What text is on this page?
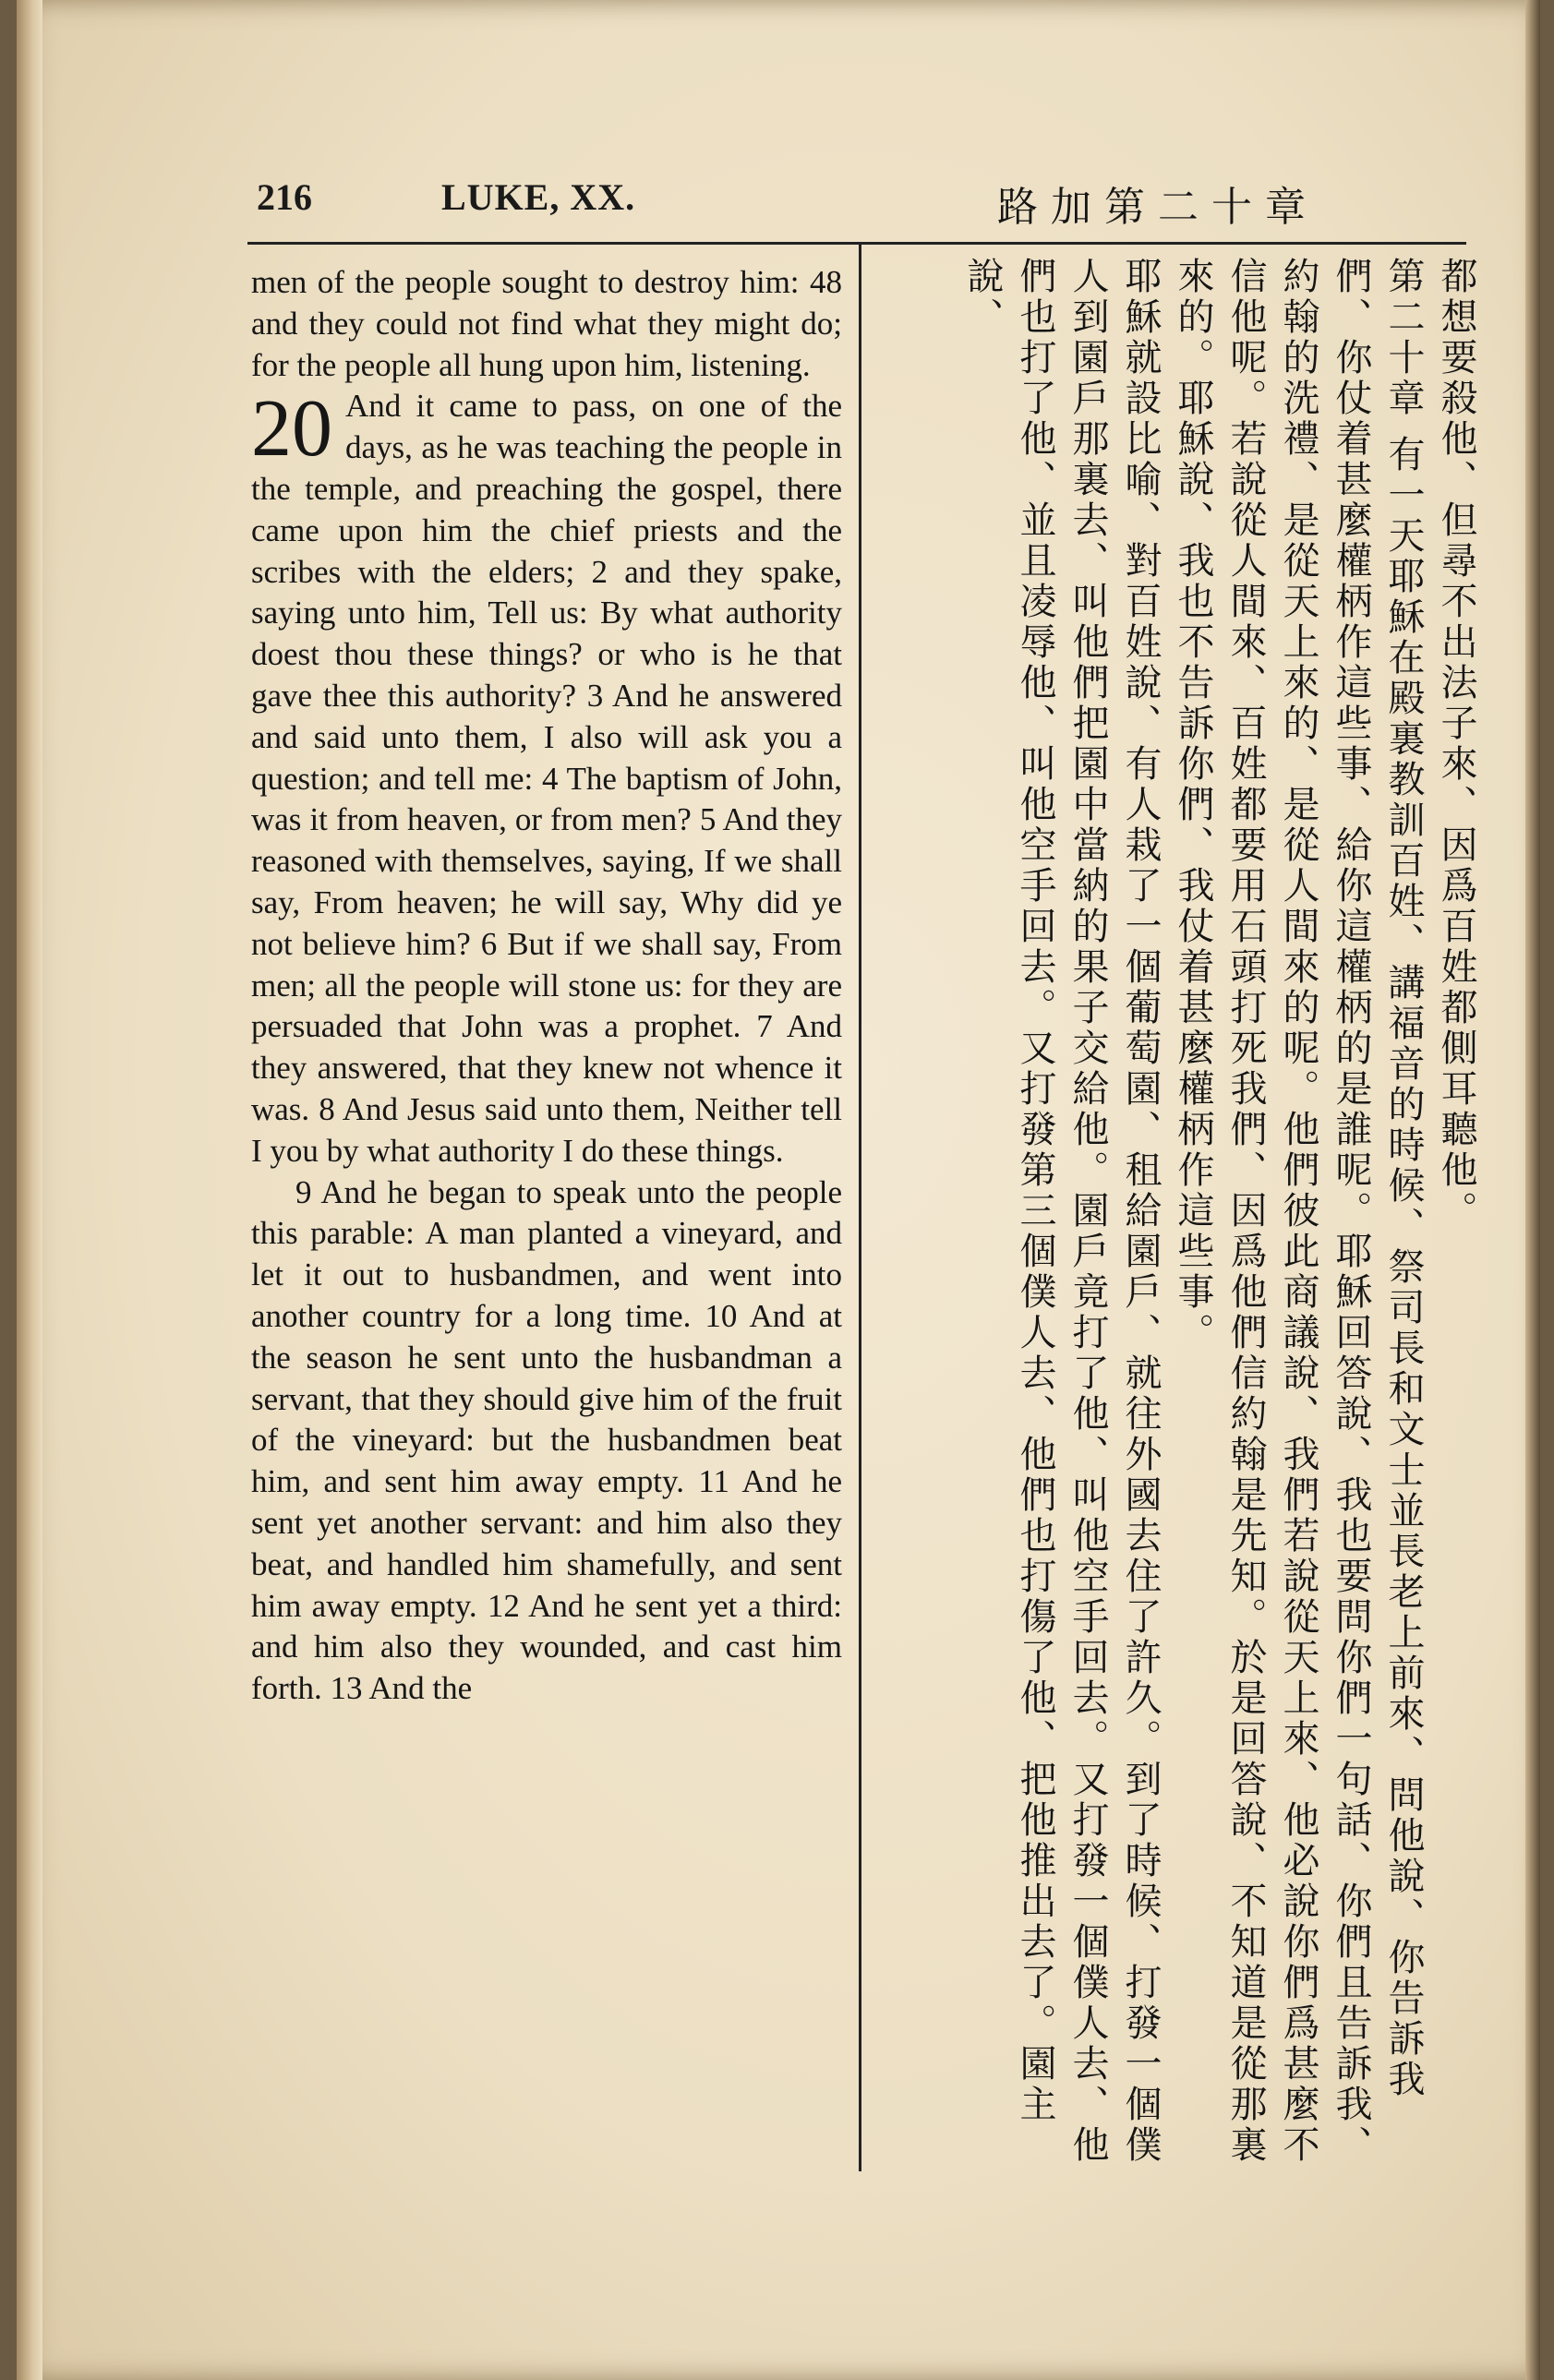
216	LUKE, XX.	路加第二十章

men of the people sought to destroy him: 48 and they could not find what they might do; for the people all hung upon him, listening.

20 And it came to pass, on one of the days, as he was teaching the people in the temple, and preaching the gospel, there came upon him the chief priests and the scribes with the elders; 2 and they spake, saying unto him, Tell us: By what authority doest thou these things? or who is he that gave thee this authority? 3 And he answered and said unto them, I also will ask you a question; and tell me: 4 The baptism of John, was it from heaven, or from men? 5 And they reasoned with themselves, saying, If we shall say, From heaven; he will say, Why did ye not believe him? 6 But if we shall say, From men; all the people will stone us: for they are persuaded that John was a prophet. 7 And they answered, that they knew not whence it was. 8 And Jesus said unto them, Neither tell I you by what authority I do these things.

9 And he began to speak unto the people this parable: A man planted a vineyard, and let it out to husbandmen, and went into another country for a long time. 10 And at the season he sent unto the husbandman a servant, that they should give him of the fruit of the vineyard: but the husbandmen beat him, and sent him away empty. 11 And he sent yet another servant: and him also they beat, and handled him shamefully, and sent him away empty. 12 And he sent yet a third: and him also they wounded, and cast him forth. 13 And the

都想要殺他、但尋不出法子來、因爲百姓都側耳聽他。

第二十章 有一天耶穌在殿裏教訓百姓、講福音的時候、祭司長和文士並長老上前來、問他說、你告訴我們、你仗着甚麼權柄作這些事、給你這權柄的是誰呢。耶穌回答說、我也要問你們一句話、你們且告訴我、約翰的洗禮、是從天上來的、是從人間來的呢。他們彼此商議說、我們若說從天上來、他必說你們爲甚麼不信他呢。若說從人間來、百姓都要用石頭打死我們、因爲他們信約翰是先知。於是回答說、不知道是從那裏來的。耶穌說、我也不告訴你們、我仗着甚麼權柄作這些事。

耶穌就設比喻、對百姓說、有人栽了一個葡萄園、租給園戶、就往外國去住了許久。到了時候、打發一個僕人到園戶那裏去、叫他們把園中當納的果子交給他。園戶竟打了他、叫他空手回去。又打發一個僕人去、他們也打了他、並且凌辱他、叫他空手回去。又打發第三個僕人去、他們也打傷了他、把他推出去了。園主說、
